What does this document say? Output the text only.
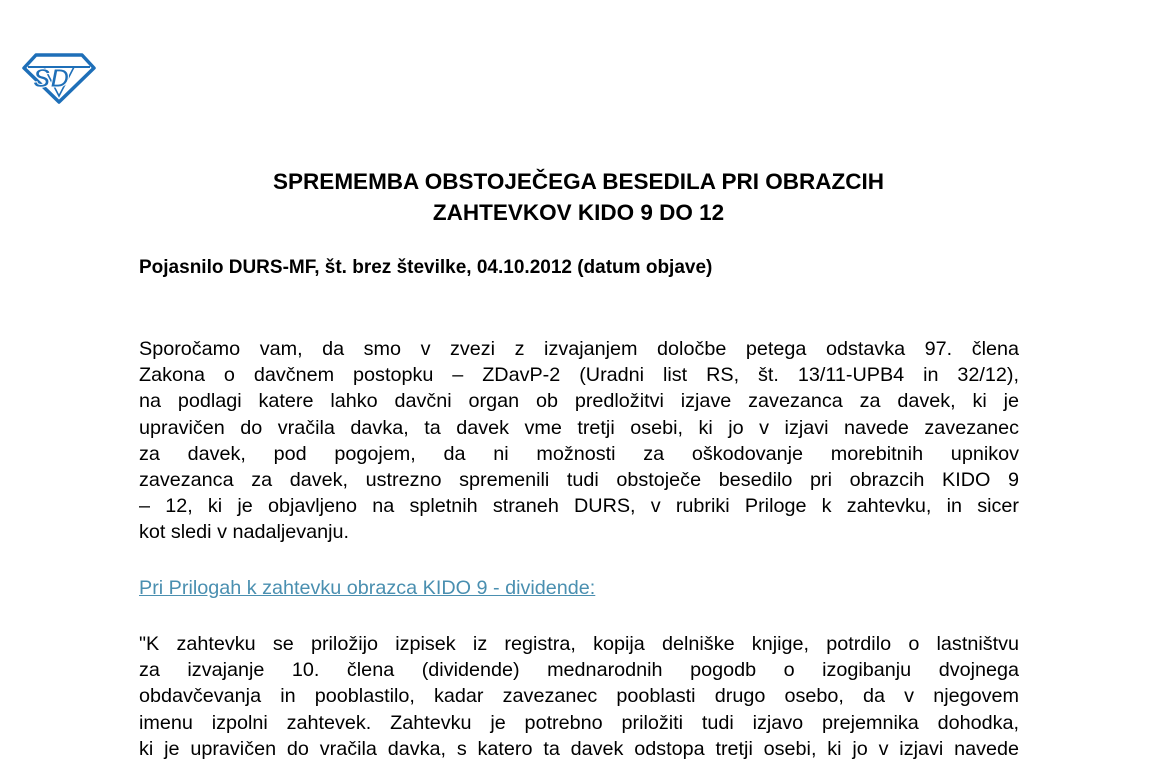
SD
SPREMEMBA OBSTOJEČEGA BESEDILA PRI OBRAZCIH
ZAHTEVKOV KIDO 9 DO 12

Pojasnilo DURS-MF, št. brez številke, 04.10.2012 (datum objave)

Sporočamo vam, da smo v zvezi z izvajanjem določbe petega odstavka 97. člena
Zakona o davčnem postopku – ZDavP-2 (Uradni list RS, št. 13/11-UPB4 in 32/12),
na podlagi katere lahko davčni organ ob predložitvi izjave zavezanca za davek, ki je
upravičen do vračila davka, ta davek vme tretji osebi, ki jo v izjavi navede zavezanec
za davek, pod pogojem, da ni možnosti za oškodovanje morebitnih upnikov
zavezanca za davek, ustrezno spremenili tudi obstoječe besedilo pri obrazcih KIDO 9
– 12, ki je objavljeno na spletnih straneh DURS, v rubriki Priloge k zahtevku, in sicer
kot sledi v nadaljevanju.
Pri Prilogah k zahtevku obrazca KIDO 9 - dividende:
"K zahtevku se priložijo izpisek iz registra, kopija delniške knjige, potrdilo o lastništvu
za izvajanje 10. člena (dividende) mednarodnih pogodb o izogibanju dvojnega
obdavčevanja in pooblastilo, kadar zavezanec pooblasti drugo osebo, da v njegovem
imenu izpolni zahtevek. Zahtevku je potrebno priložiti tudi izjavo prejemnika dohodka,
ki je upravičen do vračila davka, s katero ta davek odstopa tretji osebi, ki jo v izjavi navede
